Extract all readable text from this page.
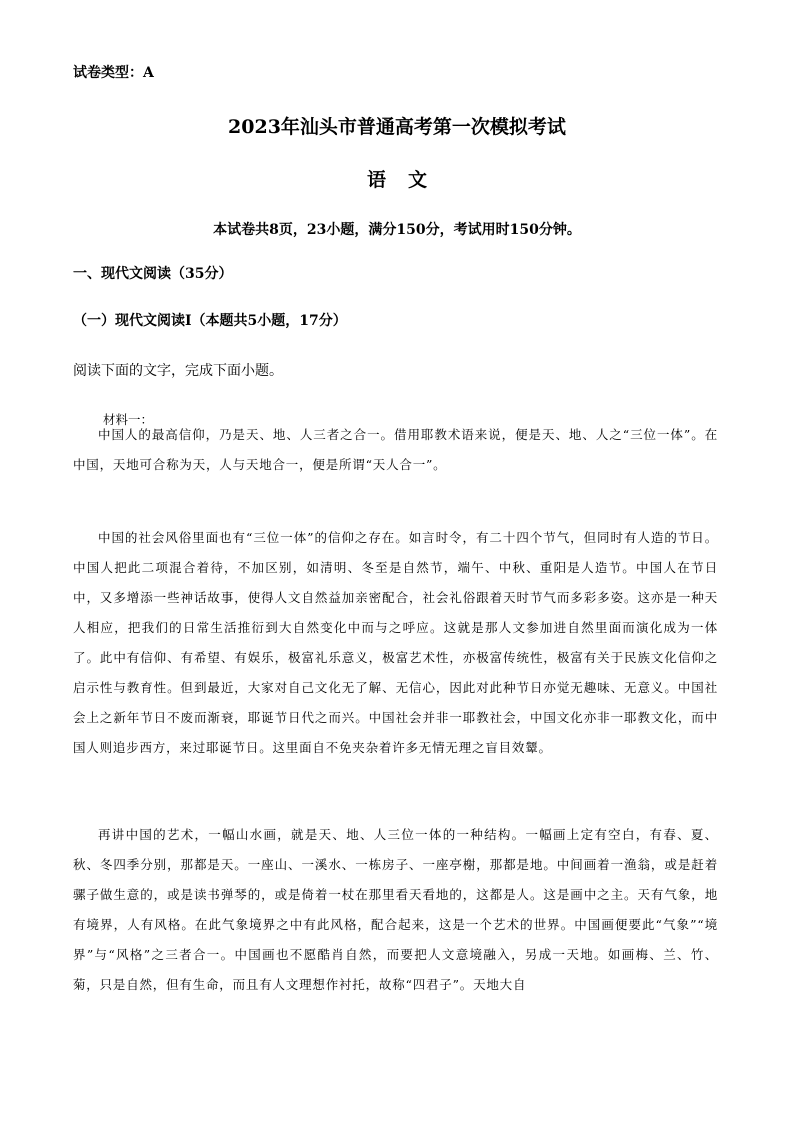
试卷类型：A
2023年汕头市普通高考第一次模拟考试
语文
本试卷共8页，23小题，满分150分，考试用时150分钟。
一、现代文阅读（35分）
（一）现代文阅读Ⅰ（本题共5小题，17分）
阅读下面的文字，完成下面小题。
材料一：

中国人的最高信仰，乃是天、地、人三者之合一。借用耶教术语来说，便是天、地、人之“三位一体”。在中国，天地可合称为天，人与天地合一，便是所谓“天人合一”。

中国的社会风俗里面也有“三位一体”的信仰之存在。如言时令，有二十四个节气，但同时有人造的节日。中国人把此二项混合着待，不加区别，如清明、冬至是自然节，端午、中秋、重阳是人造节。中国人在节日中，又多增添一些神话故事，使得人文自然益加亲密配合，社会礼俗跟着天时节气而多彩多姿。这亦是一种天人相应，把我们的日常生活推衍到大自然变化中而与之呼应。这就是那人文参加进自然里面而演化成为一体了。此中有信仰、有希望、有娱乐，极富礼乐意义，极富艺术性，亦极富传统性，极富有关于民族文化信仰之启示性与教育性。但到最近，大家对自己文化无了解、无信心，因此对此种节日亦觉无趣味、无意义。中国社会上之新年节日不废而渐衰，耶诞节日代之而兴。中国社会并非一耶教社会，中国文化亦非一耶教文化，而中国人则追步西方，来过耶诞节日。这里面自不免夹杂着许多无情无理之盲目效颦。

再讲中国的艺术，一幅山水画，就是天、地、人三位一体的一种结构。一幅画上定有空白，有春、夏、秋、冬四季分别，那都是天。一座山、一溪水、一栋房子、一座亭榭，那都是地。中间画着一渔翁，或是赶着骡子做生意的，或是读书弹琴的，或是倚着一杖在那里看天看地的，这都是人。这是画中之主。天有气象，地有境界，人有风格。在此气象境界之中有此风格，配合起来，这是一个艺术的世界。中国画便要此“气象”“境界”与“风格”之三者合一。中国画也不愿酷肖自然，而要把人文意境融入，另成一天地。如画梅、兰、竹、菊，只是自然，但有生命，而且有人文理想作衬托，故称“四君子”。天地大自
